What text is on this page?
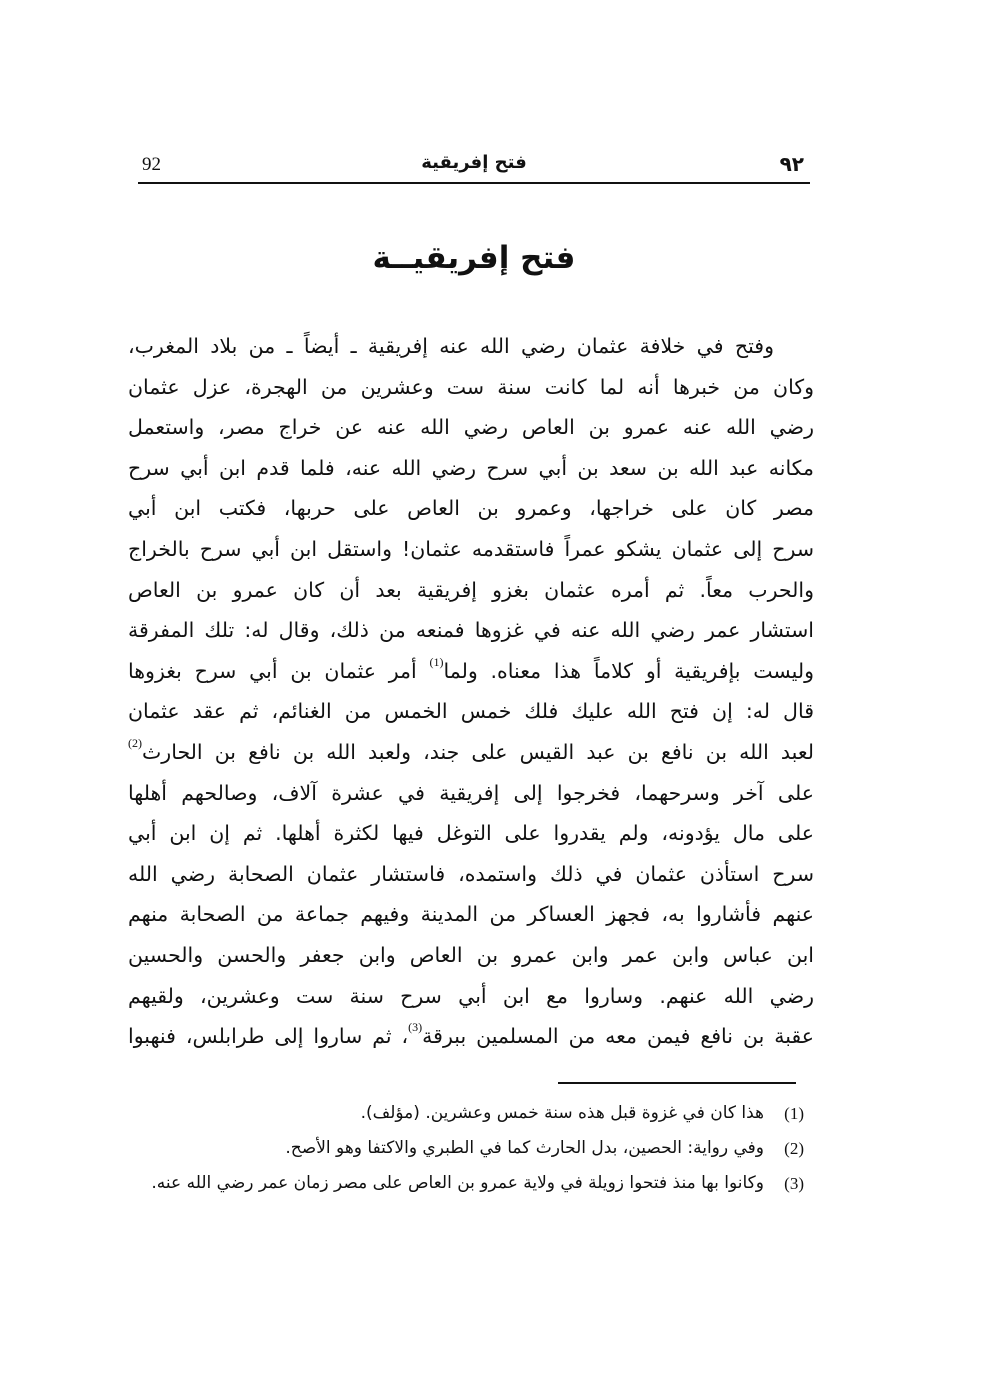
92	فتح إفريقية	٩٢
فتح إفريقيــة
وفتح في خلافة عثمان رضي الله عنه إفريقية ـ أيضاً ـ من بلاد المغرب،
وكان من خبرها أنه لما كانت سنة ست وعشرين من الهجرة، عزل عثمان
رضي الله عنه عمرو بن العاص رضي الله عنه عن خراج مصر، واستعمل
مكانه عبد الله بن سعد بن أبي سرح رضي الله عنه، فلما قدم ابن أبي سرح
مصر كان على خراجها، وعمرو بن العاص على حربها، فكتب ابن أبي
سرح إلى عثمان يشكو عمراً فاستقدمه عثمان! واستقل ابن أبي سرح بالخراج
والحرب معاً. ثم أمره عثمان بغزو إفريقية بعد أن كان عمرو بن العاص
استشار عمر رضي الله عنه في غزوها فمنعه من ذلك، وقال له: تلك المفرقة
وليست بإفريقية أو كلاماً هذا معناه. ولما$^{(1)}$ أمر عثمان بن أبي سرح بغزوها
قال له: إن فتح الله عليك فلك خمس الخمس من الغنائم، ثم عقد عثمان
لعبد الله بن نافع بن عبد القيس على جند، ولعبد الله بن نافع بن الحارث$^{(2)}$
على آخر وسرحهما، فخرجوا إلى إفريقية في عشرة آلاف، وصالحهم أهلها
على مال يؤدونه، ولم يقدروا على التوغل فيها لكثرة أهلها. ثم إن ابن أبي
سرح استأذن عثمان في ذلك واستمده، فاستشار عثمان الصحابة رضي الله
عنهم فأشاروا به، فجهز العساكر من المدينة وفيهم جماعة من الصحابة منهم
ابن عباس وابن عمر وابن عمرو بن العاص وابن جعفر والحسن والحسين
رضي الله عنهم. وساروا مع ابن أبي سرح سنة ست وعشرين، ولقيهم
عقبة بن نافع فيمن معه من المسلمين ببرقة$^{(3)}$، ثم ساروا إلى طرابلس، فنهبوا
(1)
هذا كان في غزوة قبل هذه سنة خمس وعشرين. (مؤلف).
(2)
وفي رواية: الحصين، بدل الحارث كما في الطبري والاكتفا وهو الأصح.
(3)
وكانوا بها منذ فتحوا زويلة في ولاية عمرو بن العاص على مصر زمان عمر رضي الله عنه.
